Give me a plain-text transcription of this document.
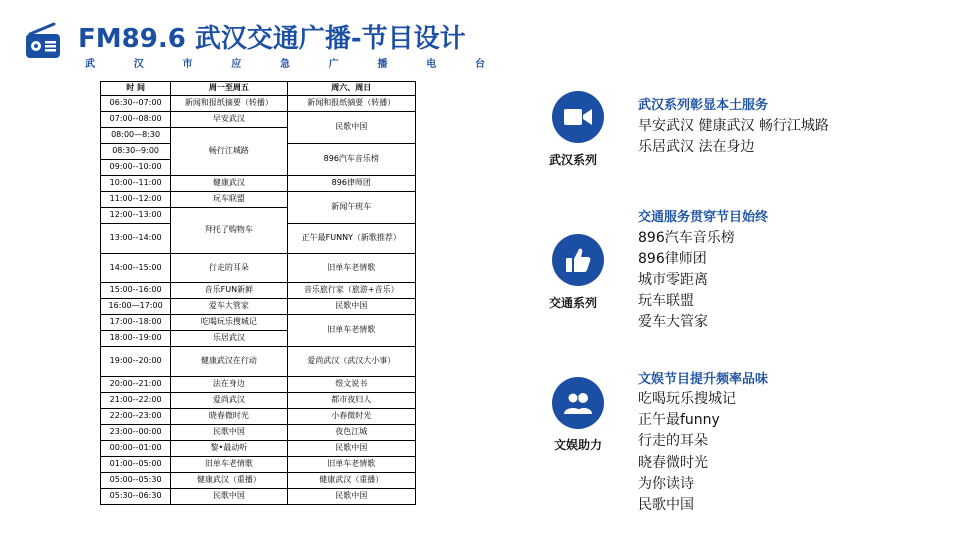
FM89.6 武汉交通广播-节目设计
武	汉	市	应	急	广	播	电	台
时 间	周一至周五	周六、周日
06:30--07:00	新闻和报纸摘要（转播）	新闻和报纸摘要（转播）
07:00--08:00	早安武汉	民歌中国
08:00—8:30	畅行江城路	
08:30--9:00		896汽车音乐榜
09:00--10:00		
10:00--11:00	健康武汉	896律师团
11:00--12:00	玩车联盟	新闻午班车
12:00--13:00	拜托了购物车	
13:00--14:00		正午最FUNNY（新歌推荐）
14:00--15:00	行走的耳朵	旧单车老情歌
15:00--16:00	音乐FUN新鲜	音乐旅行家（旅游+音乐）
16:00—17:00	爱车大管家	民歌中国
17:00--18:00	吃喝玩乐搜城记	旧单车老情歌
18:00--19:00	乐居武汉	
19:00--20:00	健康武汉在行动	爱尚武汉（武汉大小事）
20:00--21:00	法在身边	煜文说书
21:00--22:00	爱尚武汉	都市夜归人
22:00--23:00	晓春微时光	小春微时光
23:00--00:00	民歌中国	夜色江城
00:00--01:00	黎•最动听	民歌中国
01:00--05:00	旧单车老情歌	旧单车老情歌
05:00--05:30	健康武汉（重播）	健康武汉（重播）
05:30--06:30	民歌中国	民歌中国
武汉系列
交通系列
文娱助力
武汉系列彰显本土服务
早安武汉 健康武汉 畅行江城路
乐居武汉 法在身边
交通服务贯穿节目始终
896汽车音乐榜
896律师团
城市零距离
玩车联盟
爱车大管家
文娱节目提升频率品味
吃喝玩乐搜城记
正午最funny
行走的耳朵
晓春微时光
为你读诗
民歌中国
